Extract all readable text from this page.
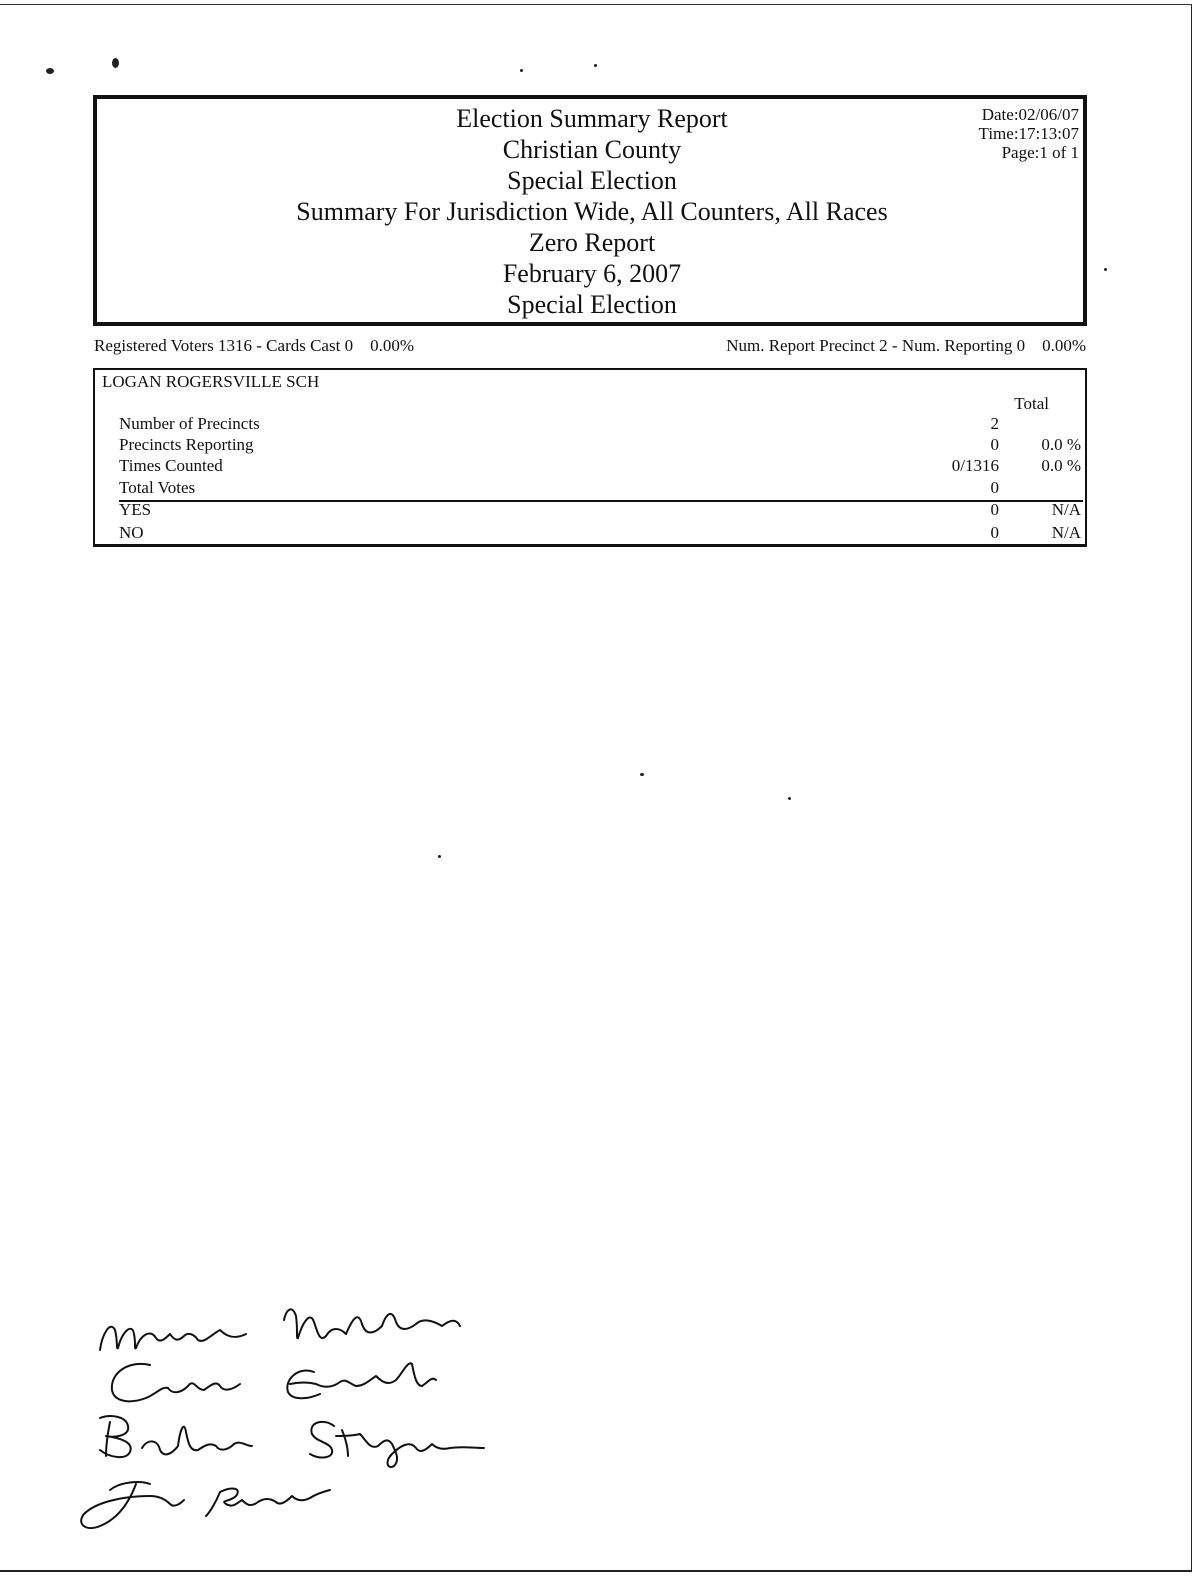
Election Summary Report
Christian County
Special Election
Summary For Jurisdiction Wide, All Counters, All Races
Zero Report
February 6, 2007
Special Election
Date:02/06/07
Time:17:13:07
Page:1 of 1
Registered Voters 1316 - Cards Cast 0    0.00%	Num. Report Precinct 2 - Num. Reporting 0    0.00%
LOGAN ROGERSVILLE SCH
Total
Number of Precincts	2
Precincts Reporting	0	0.0 %
Times Counted	0/1316	0.0 %
Total Votes	0
YES	0	N/A
NO	0	N/A
